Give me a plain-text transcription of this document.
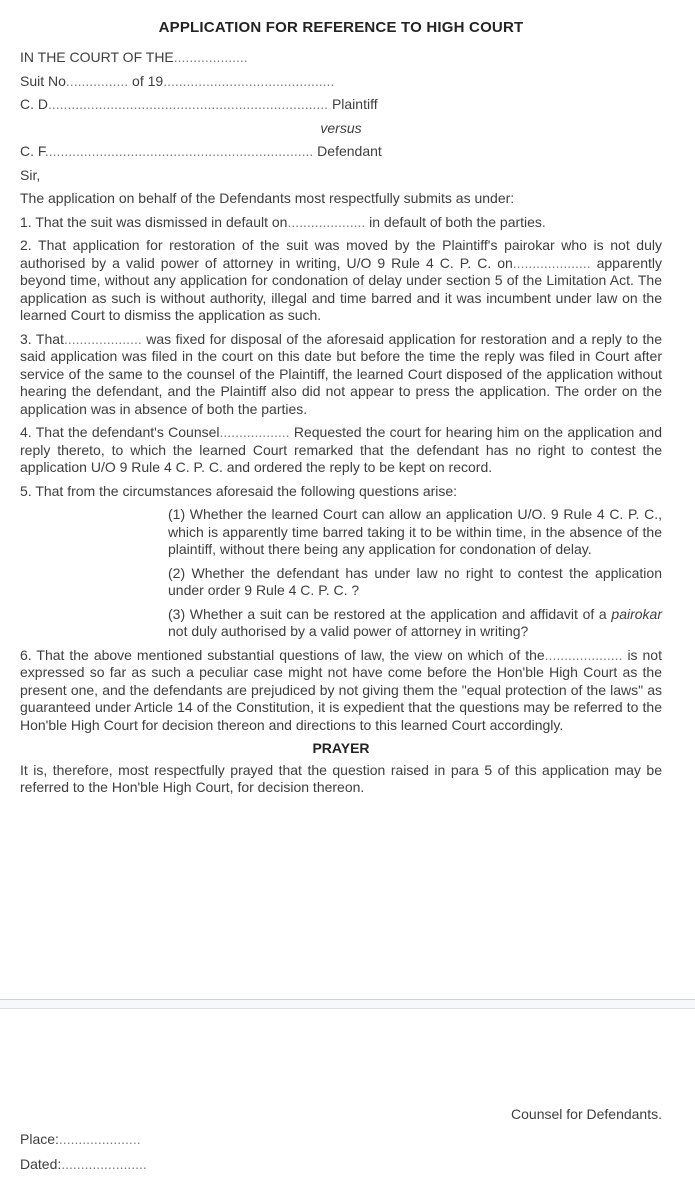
APPLICATION FOR REFERENCE TO HIGH COURT

IN THE COURT OF THE...................

Suit No................ of 19............................................

C. D........................................................................ Plaintiff

versus

C. F..................................................................... Defendant

Sir,

The application on behalf of the Defendants most respectfully submits as under:

1. That the suit was dismissed in default on.................... in default of both the parties.

2. That application for restoration of the suit was moved by the Plaintiff's pairokar who is not duly authorised by a valid power of attorney in writing, U/O 9 Rule 4 C. P. C. on.................... apparently beyond time, without any application for condonation of delay under section 5 of the Limitation Act. The application as such is without authority, illegal and time barred and it was incumbent under law on the learned Court to dismiss the application as such.

3. That.................... was fixed for disposal of the aforesaid application for restoration and a reply to the said application was filed in the court on this date but before the time the reply was filed in Court after service of the same to the counsel of the Plaintiff, the learned Court disposed of the application without hearing the defendant, and the Plaintiff also did not appear to press the application. The order on the application was in absence of both the parties.

4. That the defendant's Counsel.................. Requested the court for hearing him on the application and reply thereto, to which the learned Court remarked that the defendant has no right to contest the application U/O 9 Rule 4 C. P. C. and ordered the reply to be kept on record.

5. That from the circumstances aforesaid the following questions arise:

(1) Whether the learned Court can allow an application U/O. 9 Rule 4 C. P. C., which is apparently time barred taking it to be within time, in the absence of the plaintiff, without there being any application for condonation of delay.

(2) Whether the defendant has under law no right to contest the application under order 9 Rule 4 C. P. C. ?

(3) Whether a suit can be restored at the application and affidavit of a pairokar not duly authorised by a valid power of attorney in writing?

6. That the above mentioned substantial questions of law, the view on which of the.................... is not expressed so far as such a peculiar case might not have come before the Hon'ble High Court as the present one, and the defendants are prejudiced by not giving them the "equal protection of the laws" as guaranteed under Article 14 of the Constitution, it is expedient that the questions may be referred to the Hon'ble High Court for decision thereon and directions to this learned Court accordingly.

PRAYER

It is, therefore, most respectfully prayed that the question raised in para 5 of this application may be referred to the Hon'ble High Court, for decision thereon.

Counsel for Defendants.
Place:.....................
Dated:......................
